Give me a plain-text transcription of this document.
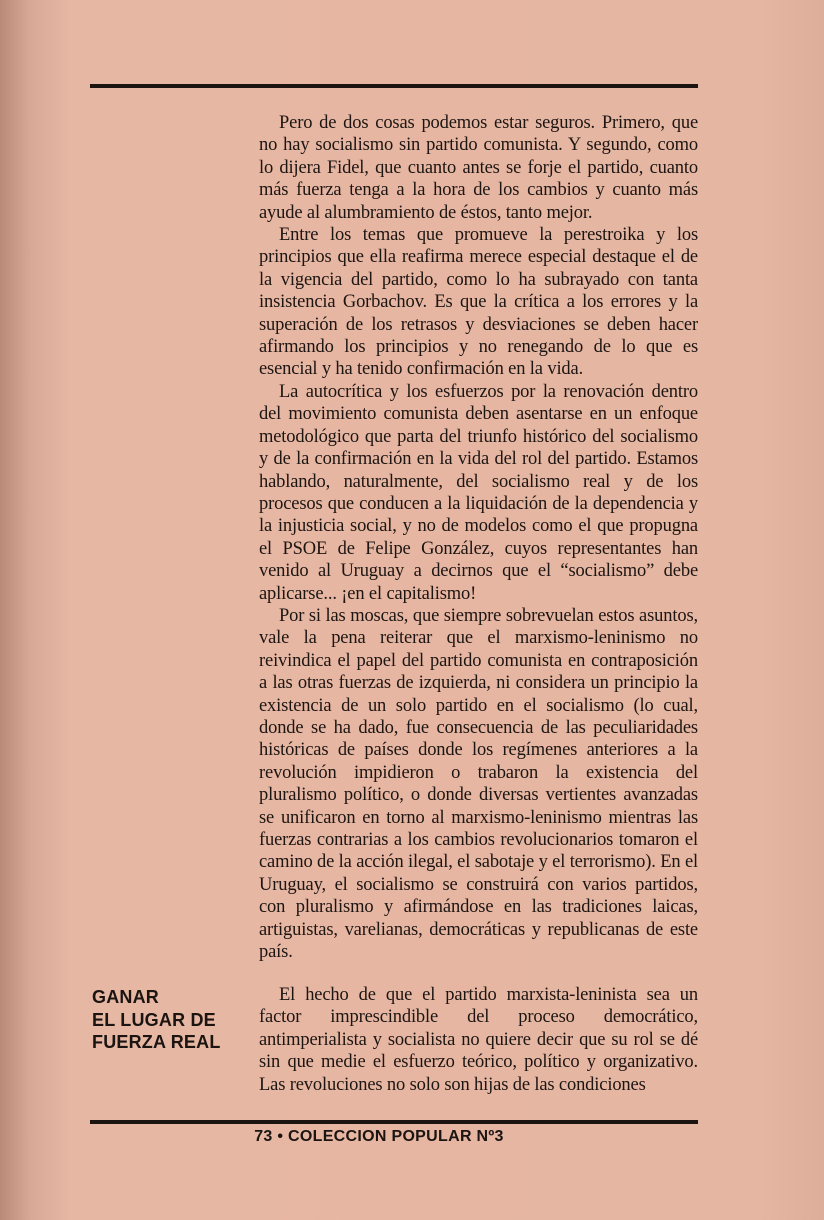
Pero de dos cosas podemos estar seguros. Primero, que no hay socialismo sin partido comunista. Y segundo, como lo dijera Fidel, que cuanto antes se forje el partido, cuanto más fuerza tenga a la hora de los cambios y cuanto más ayude al alumbramiento de éstos, tanto mejor.

Entre los temas que promueve la perestroika y los principios que ella reafirma merece especial destaque el de la vigencia del partido, como lo ha subrayado con tanta insistencia Gorbachov. Es que la crítica a los errores y la superación de los retrasos y desviaciones se deben hacer afirmando los principios y no renegando de lo que es esencial y ha tenido confirmación en la vida.

La autocrítica y los esfuerzos por la renovación dentro del movimiento comunista deben asentarse en un enfoque metodológico que parta del triunfo histórico del socialismo y de la confirmación en la vida del rol del partido. Estamos hablando, naturalmente, del socialismo real y de los procesos que conducen a la liquidación de la dependencia y la injusticia social, y no de modelos como el que propugna el PSOE de Felipe González, cuyos representantes han venido al Uruguay a decirnos que el “socialismo” debe aplicarse... ¡en el capitalismo!

Por si las moscas, que siempre sobrevuelan estos asuntos, vale la pena reiterar que el marxismo-leninismo no reivindica el papel del partido comunista en contraposición a las otras fuerzas de izquierda, ni considera un principio la existencia de un solo partido en el socialismo (lo cual, donde se ha dado, fue consecuencia de las peculiaridades históricas de países donde los regímenes anteriores a la revolución impidieron o trabaron la existencia del pluralismo político, o donde diversas vertientes avanzadas se unificaron en torno al marxismo-leninismo mientras las fuerzas contrarias a los cambios revolucionarios tomaron el camino de la acción ilegal, el sabotaje y el terrorismo). En el Uruguay, el socialismo se construirá con varios partidos, con pluralismo y afirmándose en las tradiciones laicas, artiguistas, varelianas, democráticas y republicanas de este país.

GANAR
EL LUGAR DE
FUERZA REAL

El hecho de que el partido marxista-leninista sea un factor imprescindible del proceso democrático, antimperialista y socialista no quiere decir que su rol se dé sin que medie el esfuerzo teórico, político y organizativo. Las revoluciones no solo son hijas de las condiciones

73 • COLECCION POPULAR Nº3
